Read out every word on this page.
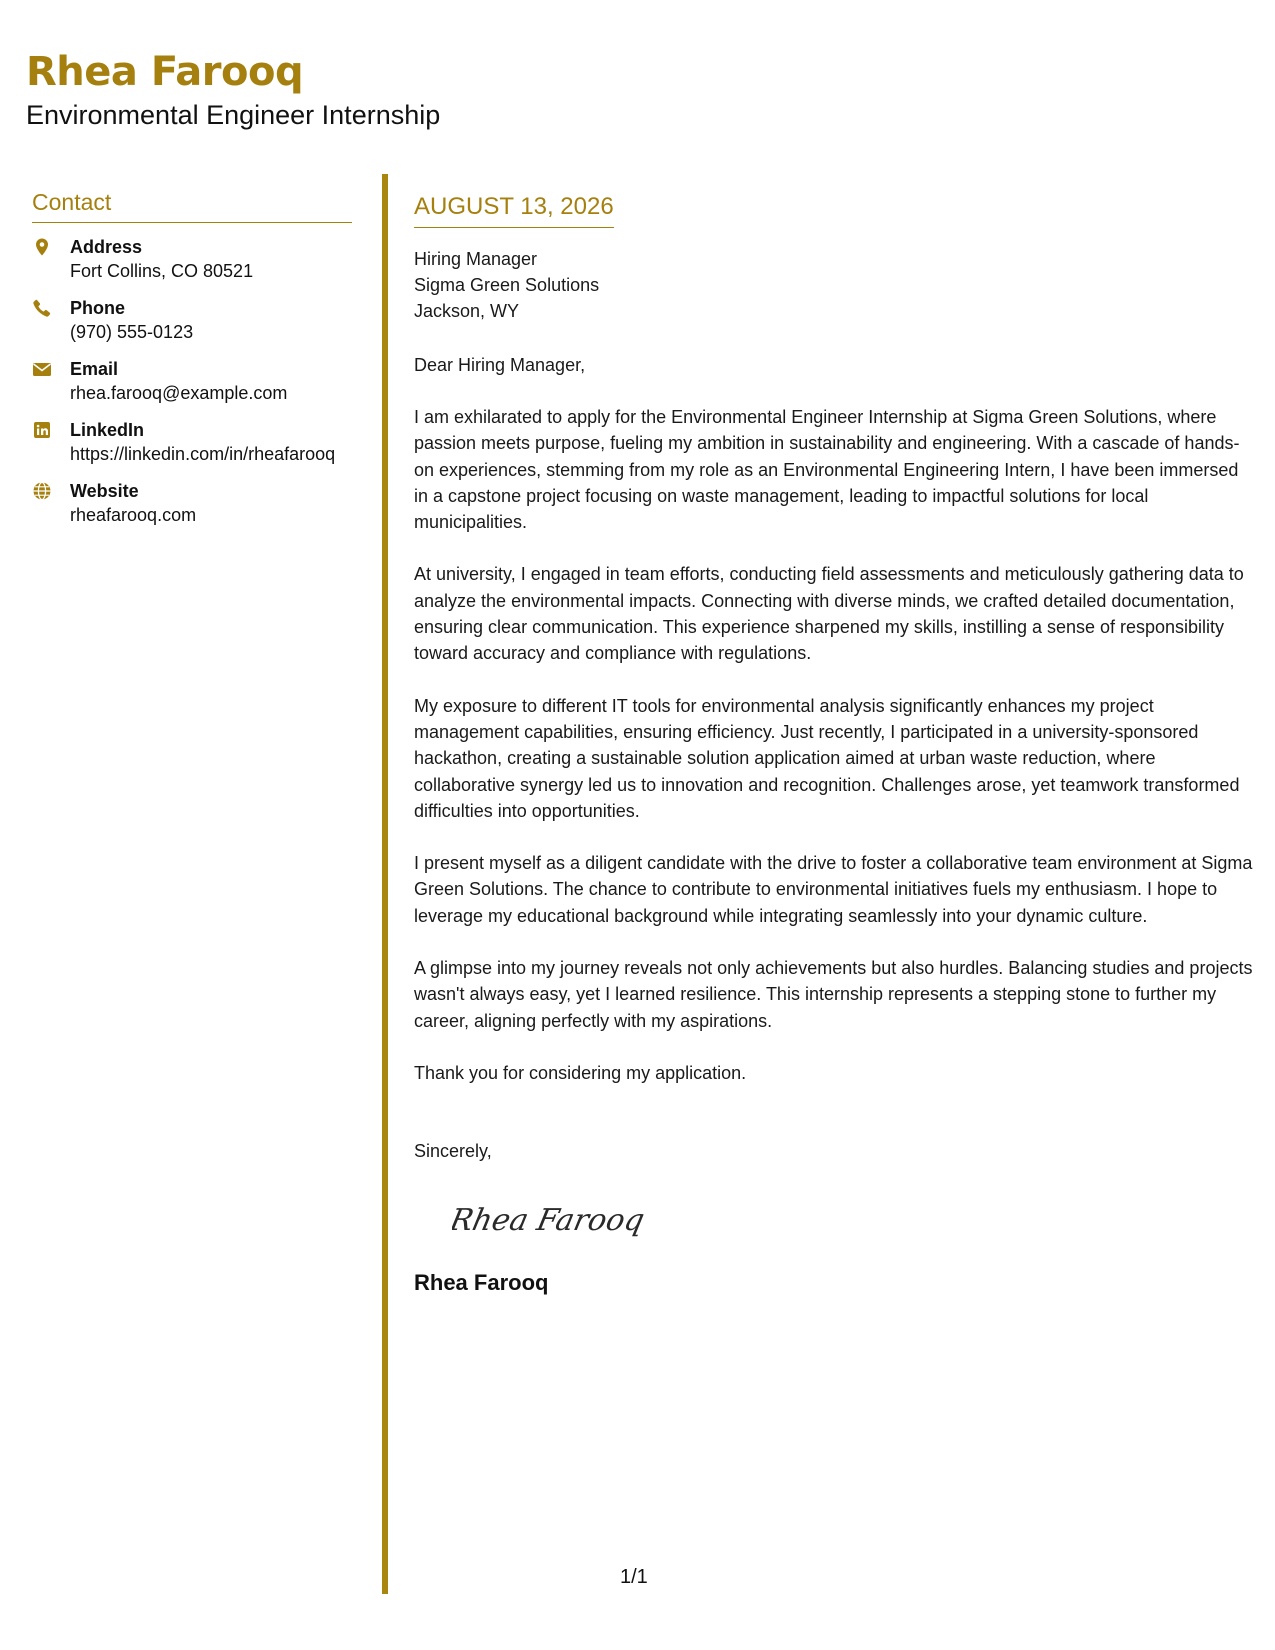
Rhea Farooq
Environmental Engineer Internship
Contact
Address
Fort Collins, CO 80521
Phone
(970) 555-0123
Email
rhea.farooq@example.com
LinkedIn
https://linkedin.com/in/rheafarooq
Website
rheafarooq.com
AUGUST 13, 2026
Hiring Manager
Sigma Green Solutions
Jackson, WY
Dear Hiring Manager,
I am exhilarated to apply for the Environmental Engineer Internship at Sigma Green Solutions, where passion meets purpose, fueling my ambition in sustainability and engineering. With a cascade of hands-on experiences, stemming from my role as an Environmental Engineering Intern, I have been immersed in a capstone project focusing on waste management, leading to impactful solutions for local municipalities.
At university, I engaged in team efforts, conducting field assessments and meticulously gathering data to analyze the environmental impacts. Connecting with diverse minds, we crafted detailed documentation, ensuring clear communication. This experience sharpened my skills, instilling a sense of responsibility toward accuracy and compliance with regulations.
My exposure to different IT tools for environmental analysis significantly enhances my project management capabilities, ensuring efficiency. Just recently, I participated in a university-sponsored hackathon, creating a sustainable solution application aimed at urban waste reduction, where collaborative synergy led us to innovation and recognition. Challenges arose, yet teamwork transformed difficulties into opportunities.
I present myself as a diligent candidate with the drive to foster a collaborative team environment at Sigma Green Solutions. The chance to contribute to environmental initiatives fuels my enthusiasm. I hope to leverage my educational background while integrating seamlessly into your dynamic culture.
A glimpse into my journey reveals not only achievements but also hurdles. Balancing studies and projects wasn't always easy, yet I learned resilience. This internship represents a stepping stone to further my career, aligning perfectly with my aspirations.
Thank you for considering my application.
Sincerely,
Rhea Farooq
Rhea Farooq
1/1
